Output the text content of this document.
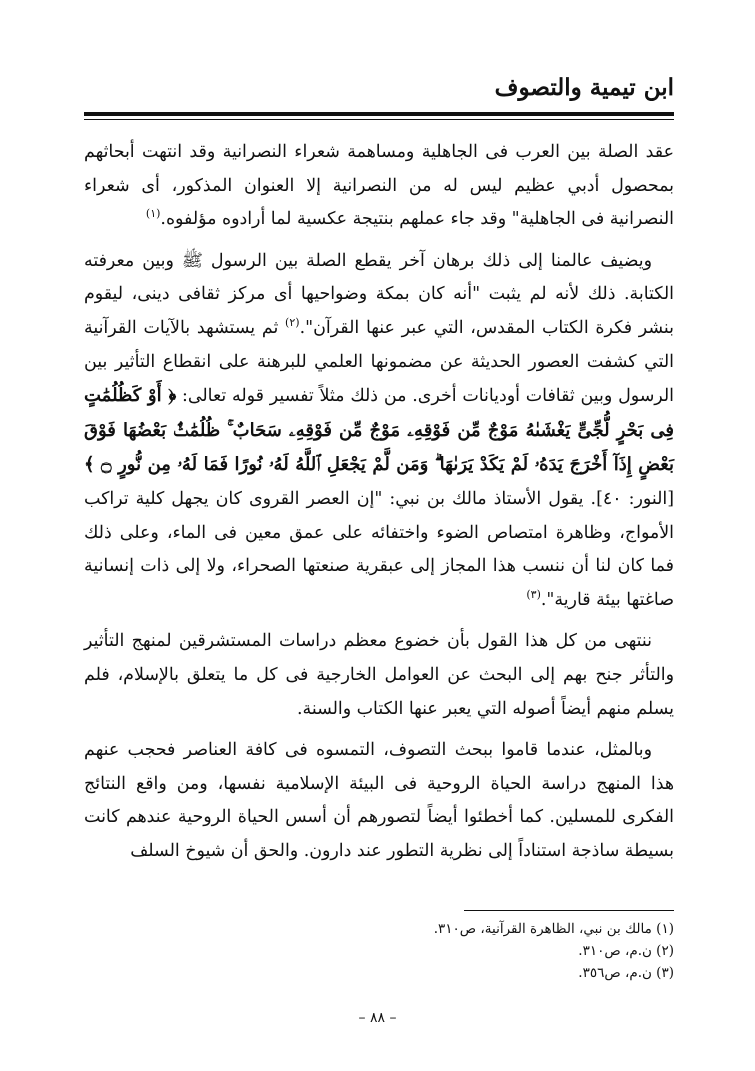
ابن تيمية والتصوف

عقد الصلة بين العرب فى الجاهلية ومساهمة شعراء النصرانية وقد انتهت أبحاثهم بمحصول أدبي عظيم ليس له من النصرانية إلا العنوان المذكور، أى شعراء النصرانية فى الجاهلية" وقد جاء عملهم بنتيجة عكسية لما أرادوه مؤلفوه.$^{(١)}$

ويضيف عالمنا إلى ذلك برهان آخر يقطع الصلة بين الرسول ﷺ وبين معرفته الكتابة. ذلك لأنه لم يثبت "أنه كان بمكة وضواحيها أى مركز ثقافى دينى، ليقوم بنشر فكرة الكتاب المقدس، التي عبر عنها القرآن".$^{(٢)}$ ثم يستشهد بالآيات القرآنية التي كشفت العصور الحديثة عن مضمونها العلمي للبرهنة على انقطاع التأثير بين الرسول وبين ثقافات أوديانات أخرى. من ذلك مثلاً تفسير قوله تعالى: ﴿ أَوْ كَظُلُمَٰتٍ فِى بَحْرٍ لُّجِّىٍّ يَغْشَىٰهُ مَوْجٌ مِّن فَوْقِهِۦ مَوْجٌ مِّن فَوْقِهِۦ سَحَابٌ ۚ ظُلُمَٰتٌۢ بَعْضُهَا فَوْقَ بَعْضٍ إِذَآ أَخْرَجَ يَدَهُۥ لَمْ يَكَدْ يَرَىٰهَا ۗ وَمَن لَّمْ يَجْعَلِ ٱللَّهُ لَهُۥ نُورًا فَمَا لَهُۥ مِن نُّورٍ ۝ ﴾ [النور: ٤٠]. يقول الأستاذ مالك بن نبي: "إن العصر القروى كان يجهل كلية تراكب الأمواج، وظاهرة امتصاص الضوء واختفائه على عمق معين فى الماء، وعلى ذلك فما كان لنا أن ننسب هذا المجاز إلى عبقرية صنعتها الصحراء، ولا إلى ذات إنسانية صاغتها بيئة قارية".$^{(٣)}$

ننتهى من كل هذا القول بأن خضوع معظم دراسات المستشرقين لمنهج التأثير والتأثر جنح بهم إلى البحث عن العوامل الخارجية فى كل ما يتعلق بالإسلام، فلم يسلم منهم أيضاً أصوله التي يعبر عنها الكتاب والسنة.

وبالمثل، عندما قاموا ببحث التصوف، التمسوه فى كافة العناصر فحجب عنهم هذا المنهج دراسة الحياة الروحية فى البيئة الإسلامية نفسها، ومن واقع النتائج الفكرى للمسلين. كما أخطئوا أيضاً لتصورهم أن أسس الحياة الروحية عندهم كانت بسيطة ساذجة استناداً إلى نظرية التطور عند دارون. والحق أن شيوخ السلف

(١) مالك بن نبي، الظاهرة القرآنية، ص٣١٠.
(٢) ن.م، ص٣١٠.
(٣) ن.م، ص٣٥٦.
– ٨٨ –
